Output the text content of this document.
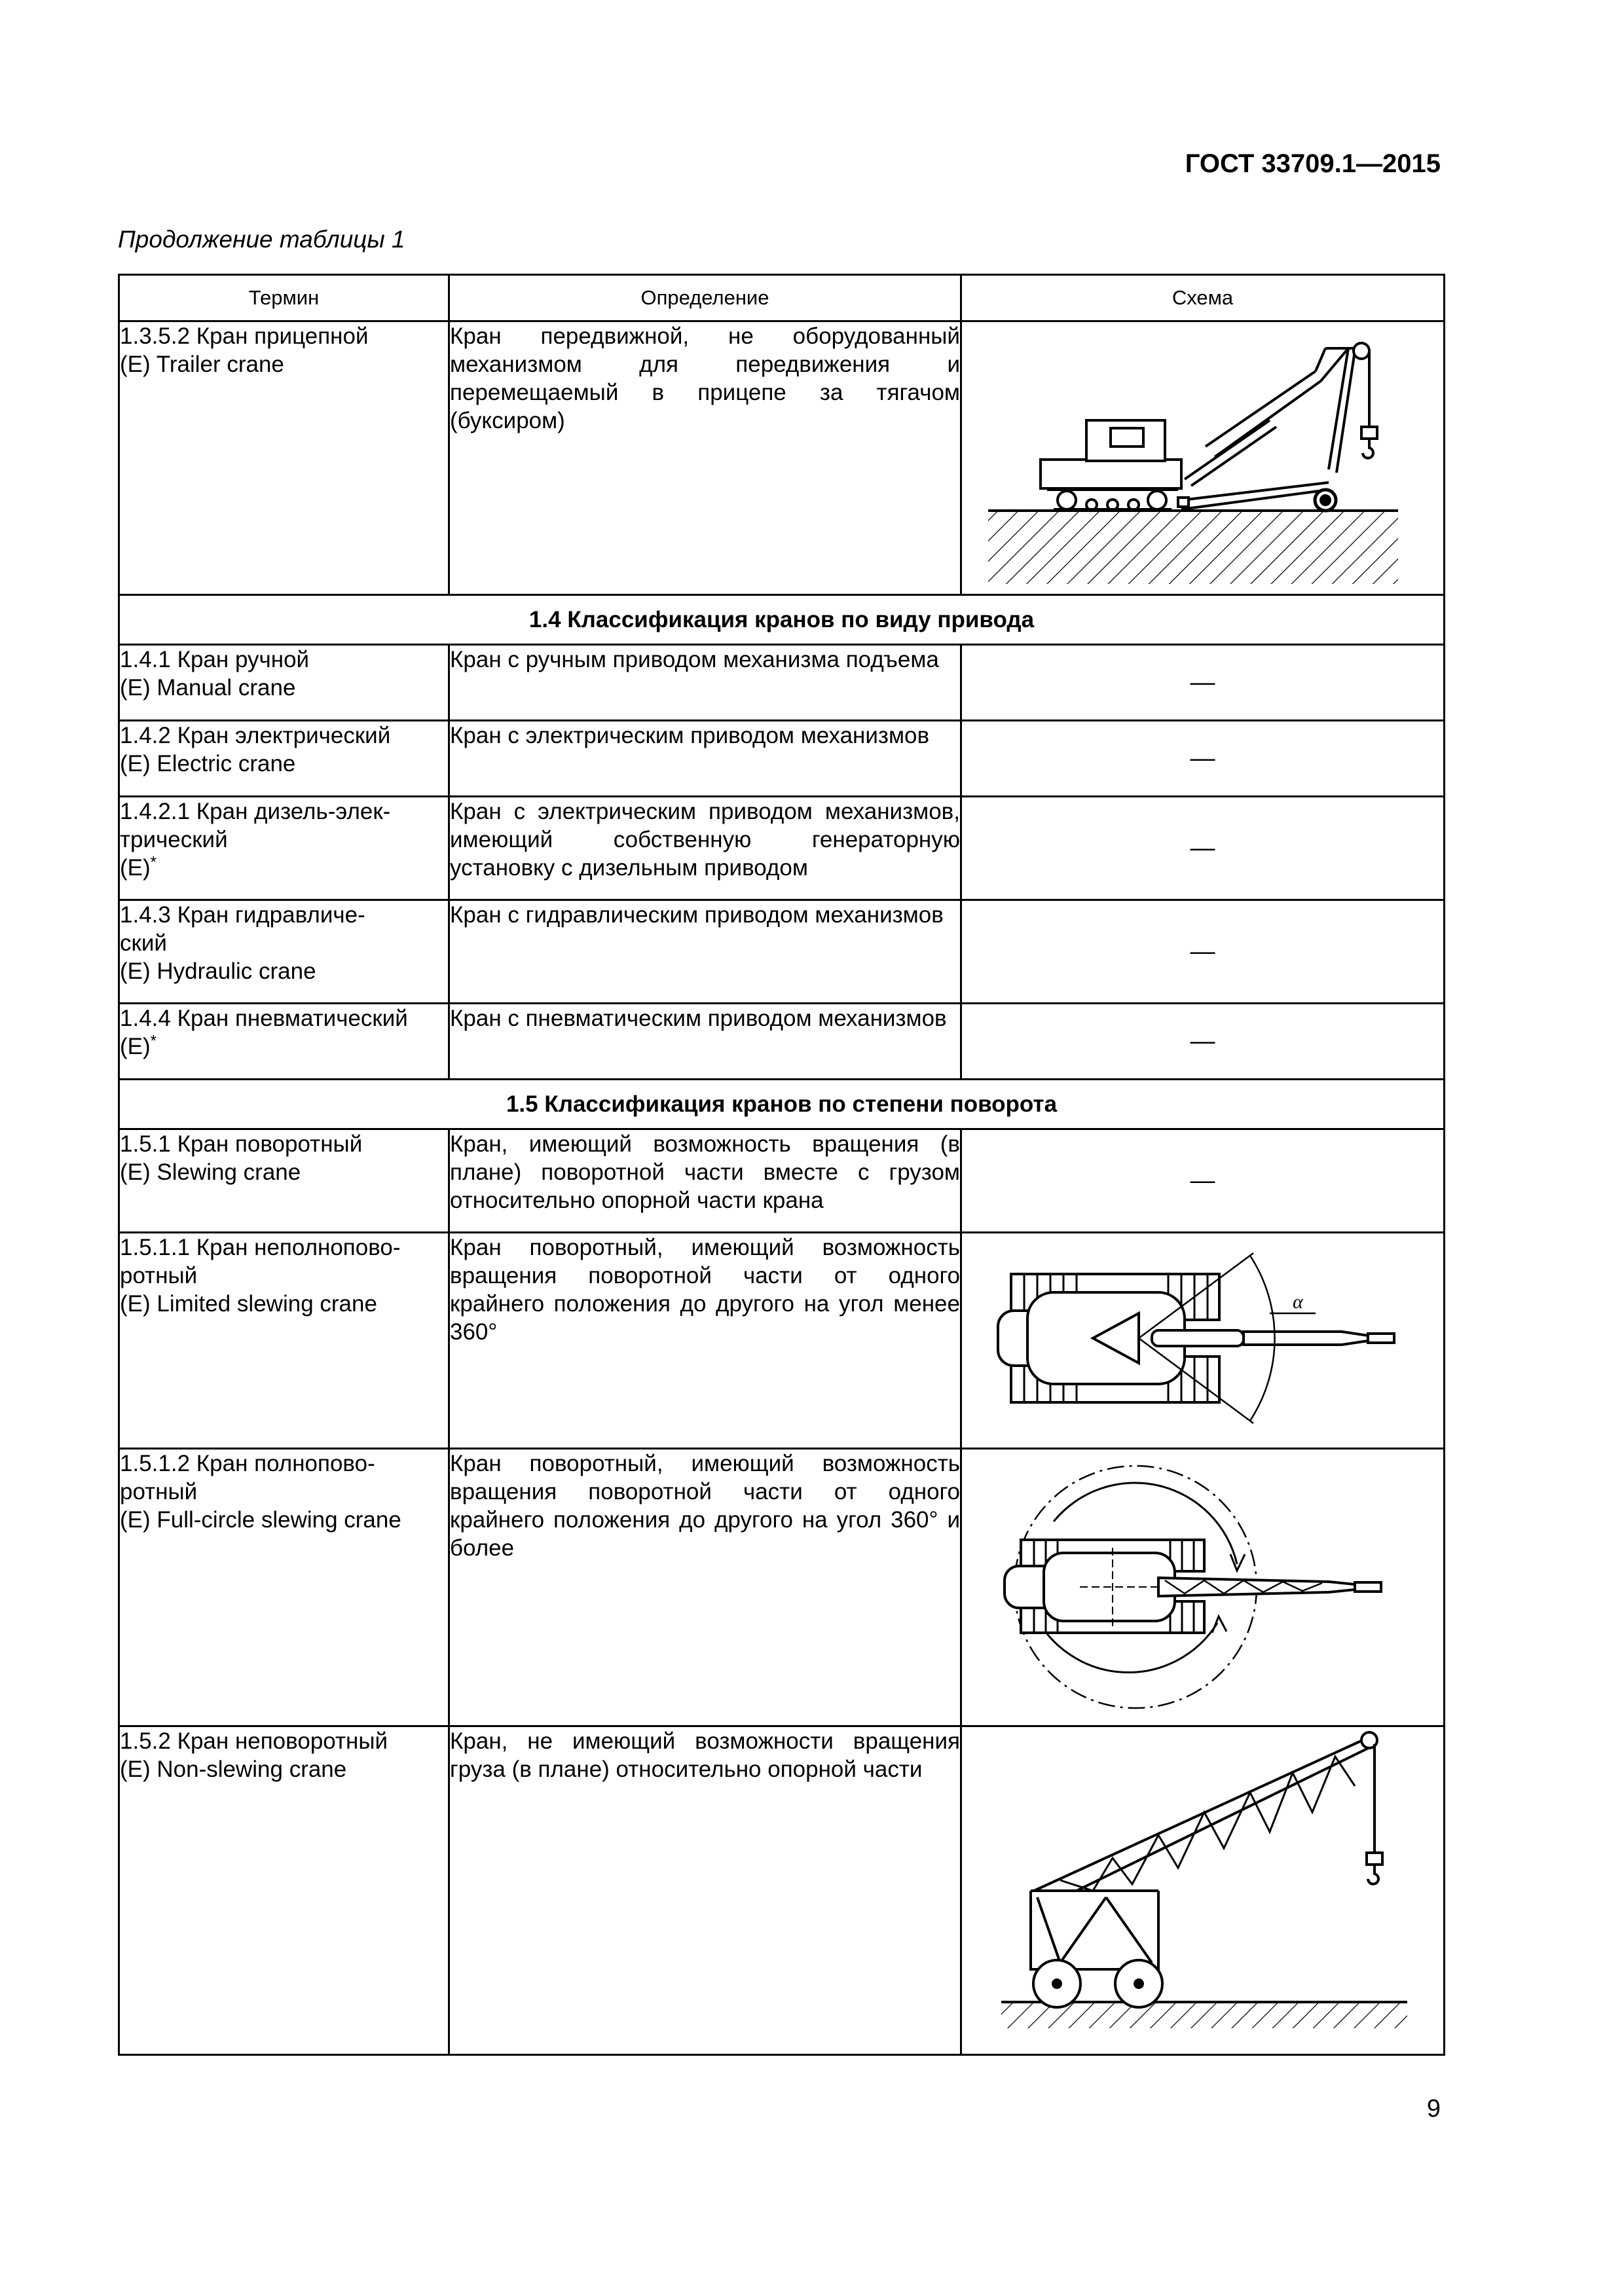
ГОСТ 33709.1—2015
Продолжение таблицы 1
Термин	Определение	Схема

1.3.5.2 Кран прицепной
(E) Trailer crane	Кран передвижной, не оборудованный механизмом для передвижения и перемещаемый в прицепе за тягачом (буксиром)	

1.4 Классификация кранов по виду привода		

1.4.1 Кран ручной
(E) Manual crane	Кран с ручным приводом механизма подъема	—

1.4.2 Кран электрический
(E) Electric crane	Кран с электрическим приводом механизмов	—

1.4.2.1 Кран дизель-элек-
трический
(E)*	Кран с электрическим приводом механизмов, имеющий собственную генераторную установку с дизельным приводом	—

1.4.3 Кран гидравличе-
ский
(E) Hydraulic crane	Кран с гидравлическим приводом механизмов	—

1.4.4 Кран пневматический
(E)*	Кран с пневматическим приводом механизмов	—

1.5 Классификация кранов по степени поворота		

1.5.1 Кран поворотный
(E) Slewing crane	Кран, имеющий возможность вращения (в плане) поворотной части вместе с грузом относительно опорной части крана	—

1.5.1.1 Кран неполнопово-
ротный
(E) Limited slewing crane	Кран поворотный, имеющий возможность вращения поворотной части от одного крайнего положения до другого на угол менее 360°	α

1.5.1.2 Кран полнопово-
ротный
(E) Full-circle slewing crane	Кран поворотный, имеющий возможность вращения поворотной части от одного крайнего положения до другого на угол 360° и более	

1.5.2 Кран неповоротный
(E) Non-slewing crane	Кран, не имеющий возможности вращения груза (в плане) относительно опорной части	
9
